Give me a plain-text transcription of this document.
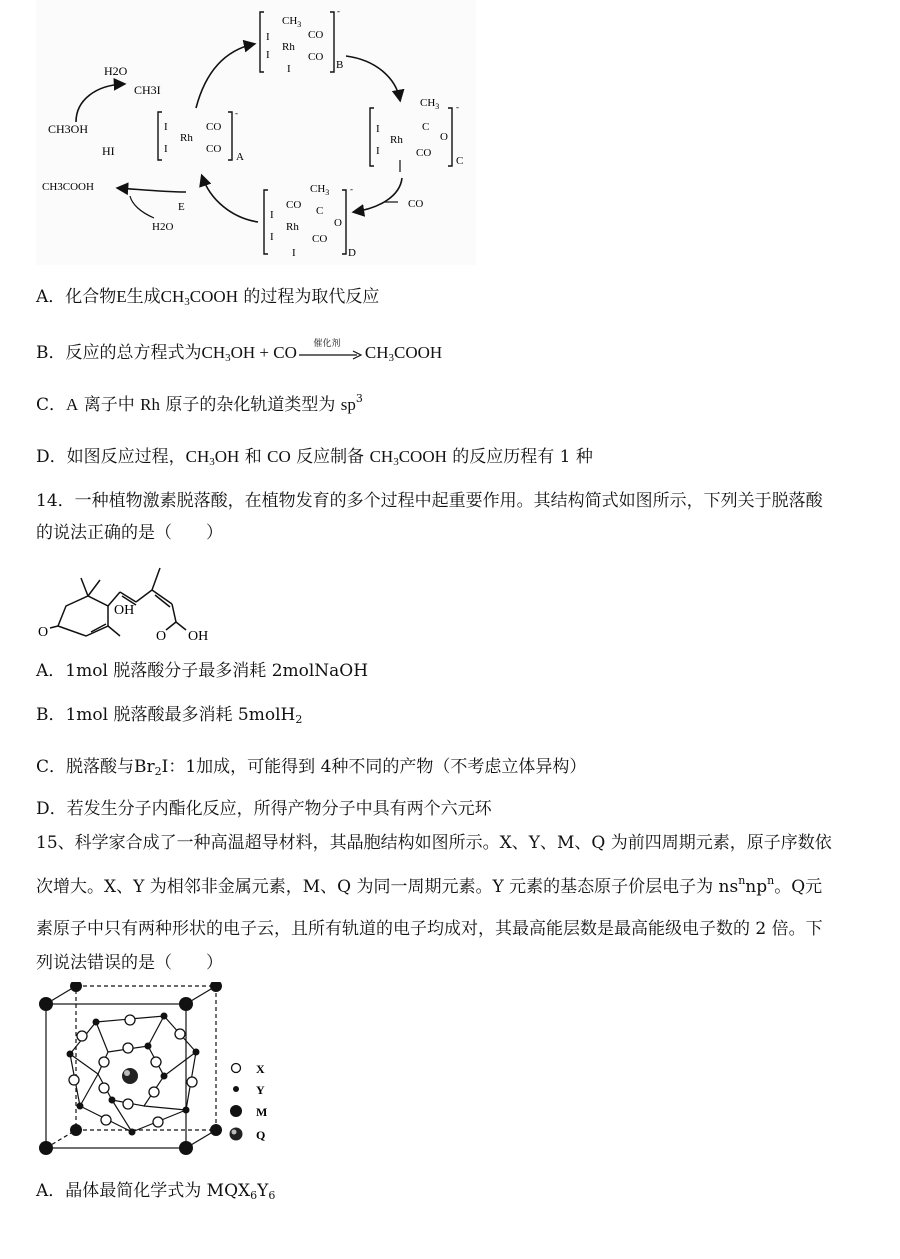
H2O
CH3I
CH3OH
HI
I
I
Rh
CO
CO
-
A
$CH_3$
I
I
Rh
CO
CO
I
-
B
$CH_3$
I
I
Rh
C
O
CO
-
C
$CH_3$
CO
I
I
Rh
C
O
CO
I
-
D
CO
CH3COOH
E
H2O
A．化合物E生成$CH_3COOH$ 的过程为取代反应
B．反应的总方程式为$CH_3OH$ + CO	催化剂	$CH_3COOH$
C．A 离子中 Rh 原子的杂化轨道类型为 $sp^3$
D．如图反应过程，$CH_3OH$ 和 CO 反应制备 $CH_3COOH$ 的反应历程有 1 种
14．一种植物激素脱落酸，在植物发育的多个过程中起重要作用。其结构简式如图所示，下列关于脱落酸
的说法正确的是（　　）
OH
O	O OH
A．1mol 脱落酸分子最多消耗 2molNaOH
B．1mol 脱落酸最多消耗 5molH$_2$
C．脱落酸与$Br_2Ⅰ$：1加成，可能得到 4种不同的产物（不考虑立体异构）
D．若发生分子内酯化反应，所得产物分子中具有两个六元环
15、科学家合成了一种高温超导材料，其晶胞结构如图所示。X、Y、M、Q 为前四周期元素，原子序数依
次增大。X、Y 为相邻非金属元素，M、Q 为同一周期元素。Y 元素的基态原子价层电子为 $ns^nnp^n$。Q元
素原子中只有两种形状的电子云，且所有轨道的电子均成对，其最高能层数是最高能级电子数的 2 倍。下
列说法错误的是（　　）
X
Y
M
Q
A．晶体最简化学式为 $MQX_6Y_6$
